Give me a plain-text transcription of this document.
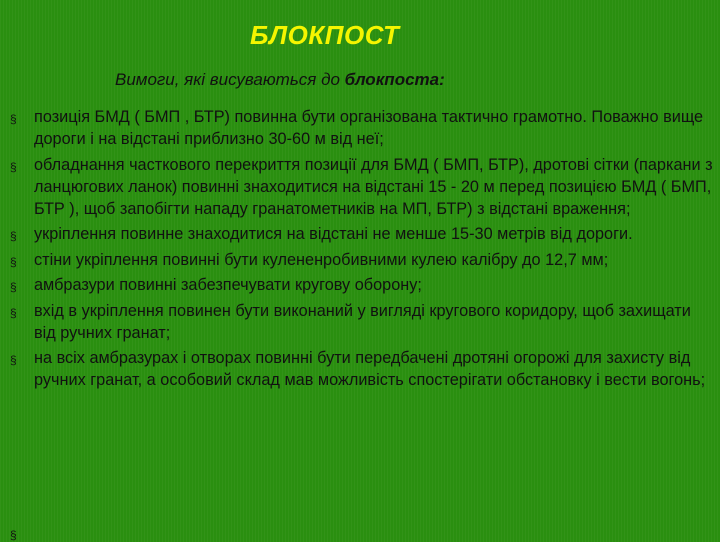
БЛОКПОСТ

Вимоги, які висуваються до блокпоста:

§ позиція БМД ( БМП , БТР) повинна бути організована тактично грамотно. Поважно вище дороги і на відстані приблизно 30-60 м від неї;
§ обладнання часткового перекриття позиції для БМД ( БМП, БТР), дротові сітки (паркани з ланцюгових ланок) повинні знаходитися на відстані 15 - 20 м перед позицією БМД ( БМП, БТР ), щоб запобігти нападу гранатометників на МП, БТР) з відстані враження;
§ укріплення повинне знаходитися на відстані не менше 15-30 метрів від дороги.
§ стіни укріплення повинні бути кулененробивними кулею калібру до 12,7 мм;
§ амбразури повинні забезпечувати кругову оборону;
§ вхід в укріплення повинен бути виконаний у вигляді кругового коридору, щоб захищати від ручних гранат;
§ на всіх амбразурах і отворах повинні бути передбачені дротяні огорожі для захисту від ручних гранат, а особовий склад мав можливість спостерігати обстановку і вести вогонь;
§
